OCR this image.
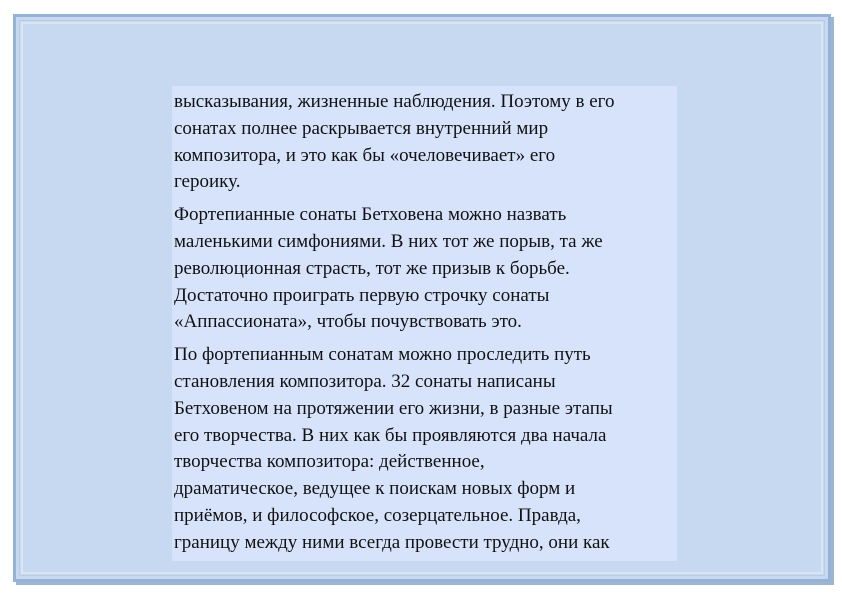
высказывания, жизненные наблюдения. Поэтому в его
сонатах полнее раскрывается внутренний мир
композитора, и это как бы «очеловечивает» его
героику.

Фортепианные сонаты Бетховена можно назвать
маленькими симфониями. В них тот же порыв, та же
революционная страсть, тот же призыв к борьбе.
Достаточно проиграть первую строчку сонаты
«Аппассионата», чтобы почувствовать это.

По фортепианным сонатам можно проследить путь
становления композитора. 32 сонаты написаны
Бетховеном на протяжении его жизни, в разные этапы
его творчества. В них как бы проявляются два начала
творчества композитора: действенное,
драматическое, ведущее к поискам новых форм и
приёмов, и философское, созерцательное. Правда,
границу между ними всегда провести трудно, они как
